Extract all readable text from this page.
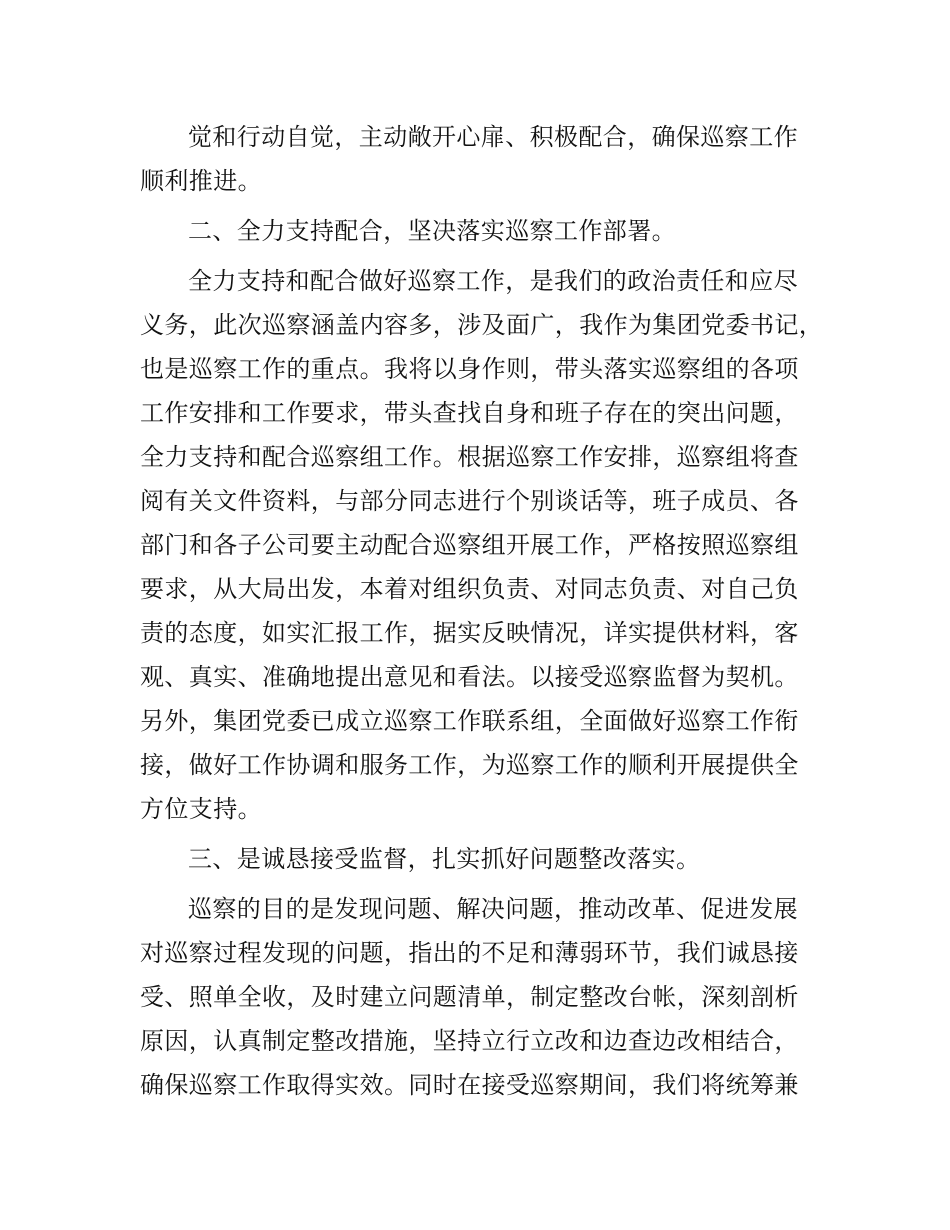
觉和行动自觉，主动敞开心扉、积极配合，确保巡察工作
顺利推进。
二、全力支持配合，坚决落实巡察工作部署。
全力支持和配合做好巡察工作，是我们的政治责任和应尽
义务，此次巡察涵盖内容多，涉及面广，我作为集团党委书记，
也是巡察工作的重点。我将以身作则，带头落实巡察组的各项
工作安排和工作要求，带头查找自身和班子存在的突出问题，
全力支持和配合巡察组工作。根据巡察工作安排，巡察组将查
阅有关文件资料，与部分同志进行个别谈话等，班子成员、各
部门和各子公司要主动配合巡察组开展工作，严格按照巡察组
要求，从大局出发，本着对组织负责、对同志负责、对自己负
责的态度，如实汇报工作，据实反映情况，详实提供材料，客
观、真实、准确地提出意见和看法。以接受巡察监督为契机。
另外，集团党委已成立巡察工作联系组，全面做好巡察工作衔
接，做好工作协调和服务工作，为巡察工作的顺利开展提供全
方位支持。
三、是诚恳接受监督，扎实抓好问题整改落实。
巡察的目的是发现问题、解决问题，推动改革、促进发展
对巡察过程发现的问题，指出的不足和薄弱环节，我们诚恳接
受、照单全收，及时建立问题清单，制定整改台帐，深刻剖析
原因，认真制定整改措施，坚持立行立改和边查边改相结合，
确保巡察工作取得实效。同时在接受巡察期间，我们将统筹兼
